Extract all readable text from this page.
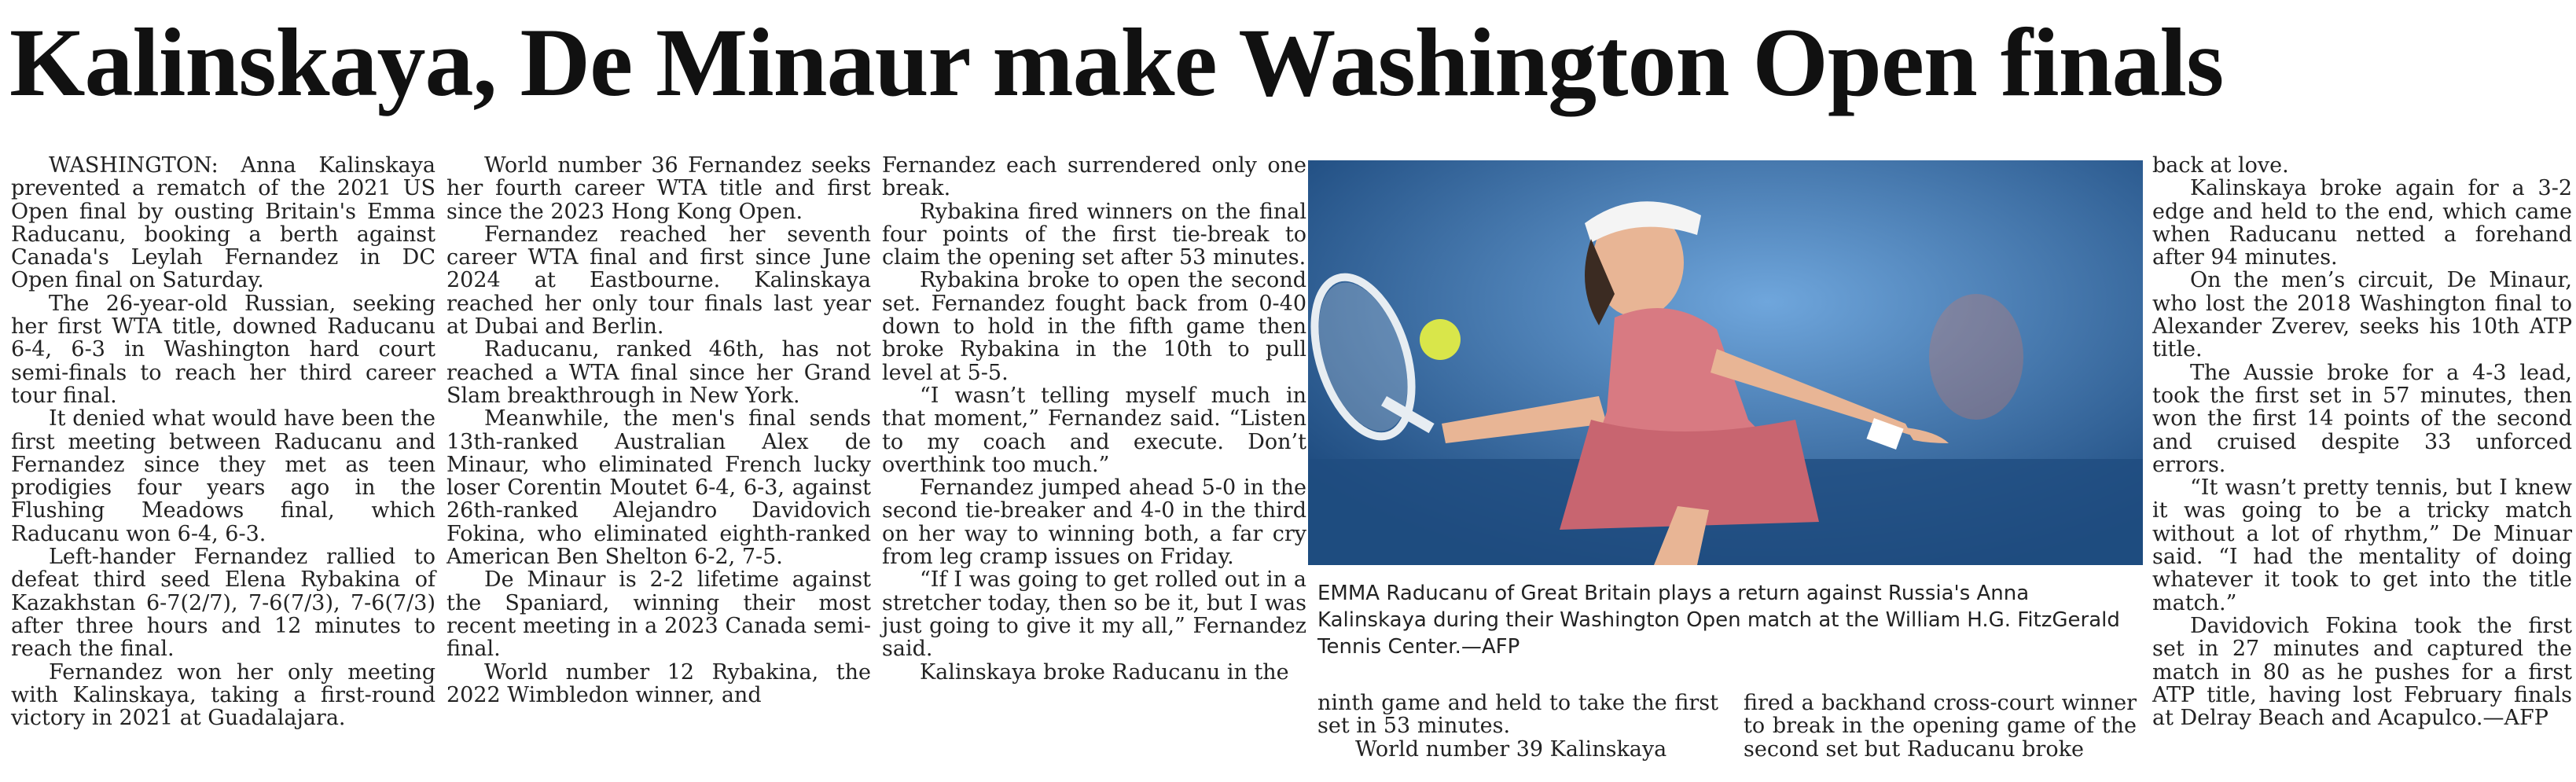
Kalinskaya, De Minaur make Washington Open finals

WASHINGTON: Anna Kalinskaya prevented a rematch of the 2021 US Open final by ousting Britain's Emma Raducanu, booking a berth against Canada's Leylah Fernandez in DC Open final on Saturday.

The 26-year-old Russian, seeking her first WTA title, downed Raducanu 6-4, 6-3 in Washington hard court semi-finals to reach her third career tour final.

It denied what would have been the first meeting between Raducanu and Fernandez since they met as teen prodigies four years ago in the Flushing Meadows final, which Raducanu won 6-4, 6-3.

Left-hander Fernandez rallied to defeat third seed Elena Rybakina of Kazakhstan 6-7(2/7), 7-6(7/3), 7-6(7/3) after three hours and 12 minutes to reach the final.

Fernandez won her only meeting with Kalinskaya, taking a first-round victory in 2021 at Guadalajara.

World number 36 Fernandez seeks her fourth career WTA title and first since the 2023 Hong Kong Open.

Fernandez reached her seventh career WTA final and first since June 2024 at Eastbourne. Kalinskaya reached her only tour finals last year at Dubai and Berlin.

Raducanu, ranked 46th, has not reached a WTA final since her Grand Slam breakthrough in New York.

Meanwhile, the men's final sends 13th-ranked Australian Alex de Minaur, who eliminated French lucky loser Corentin Moutet 6-4, 6-3, against 26th-ranked Alejandro Davidovich Fokina, who eliminated eighth-ranked American Ben Shelton 6-2, 7-5.

De Minaur is 2-2 lifetime against the Spaniard, winning their most recent meeting in a 2023 Canada semi-final.

World number 12 Rybakina, the 2022 Wimbledon winner, and

Fernandez each surrendered only one break.

Rybakina fired winners on the final four points of the first tie-break to claim the opening set after 53 minutes.

Rybakina broke to open the second set. Fernandez fought back from 0-40 down to hold in the fifth game then broke Rybakina in the 10th to pull level at 5-5.

“I wasn’t telling myself much in that moment,” Fernandez said. “Listen to my coach and execute. Don’t overthink too much.”

Fernandez jumped ahead 5-0 in the second tie-breaker and 4-0 in the third on her way to winning both, a far cry from leg cramp issues on Friday.

“If I was going to get rolled out in a stretcher today, then so be it, but I was just going to give it my all,” Fernandez said.

Kalinskaya broke Raducanu in the

EMMA Raducanu of Great Britain plays a return against Russia's Anna Kalinskaya during their Washington Open match at the William H.G. FitzGerald Tennis Center.—AFP

ninth game and held to take the first set in 53 minutes.

World number 39 Kalinskaya

fired a backhand cross-court winner to break in the opening game of the second set but Raducanu broke

back at love.

Kalinskaya broke again for a 3-2 edge and held to the end, which came when Raducanu netted a forehand after 94 minutes.

On the men’s circuit, De Minaur, who lost the 2018 Washington final to Alexander Zverev, seeks his 10th ATP title.

The Aussie broke for a 4-3 lead, took the first set in 57 minutes, then won the first 14 points of the second and cruised despite 33 unforced errors.

“It wasn’t pretty tennis, but I knew it was going to be a tricky match without a lot of rhythm,” De Minuar said. “I had the mentality of doing whatever it took to get into the title match.”

Davidovich Fokina took the first set in 27 minutes and captured the match in 80 as he pushes for a first ATP title, having lost February finals at Delray Beach and Acapulco.—AFP
